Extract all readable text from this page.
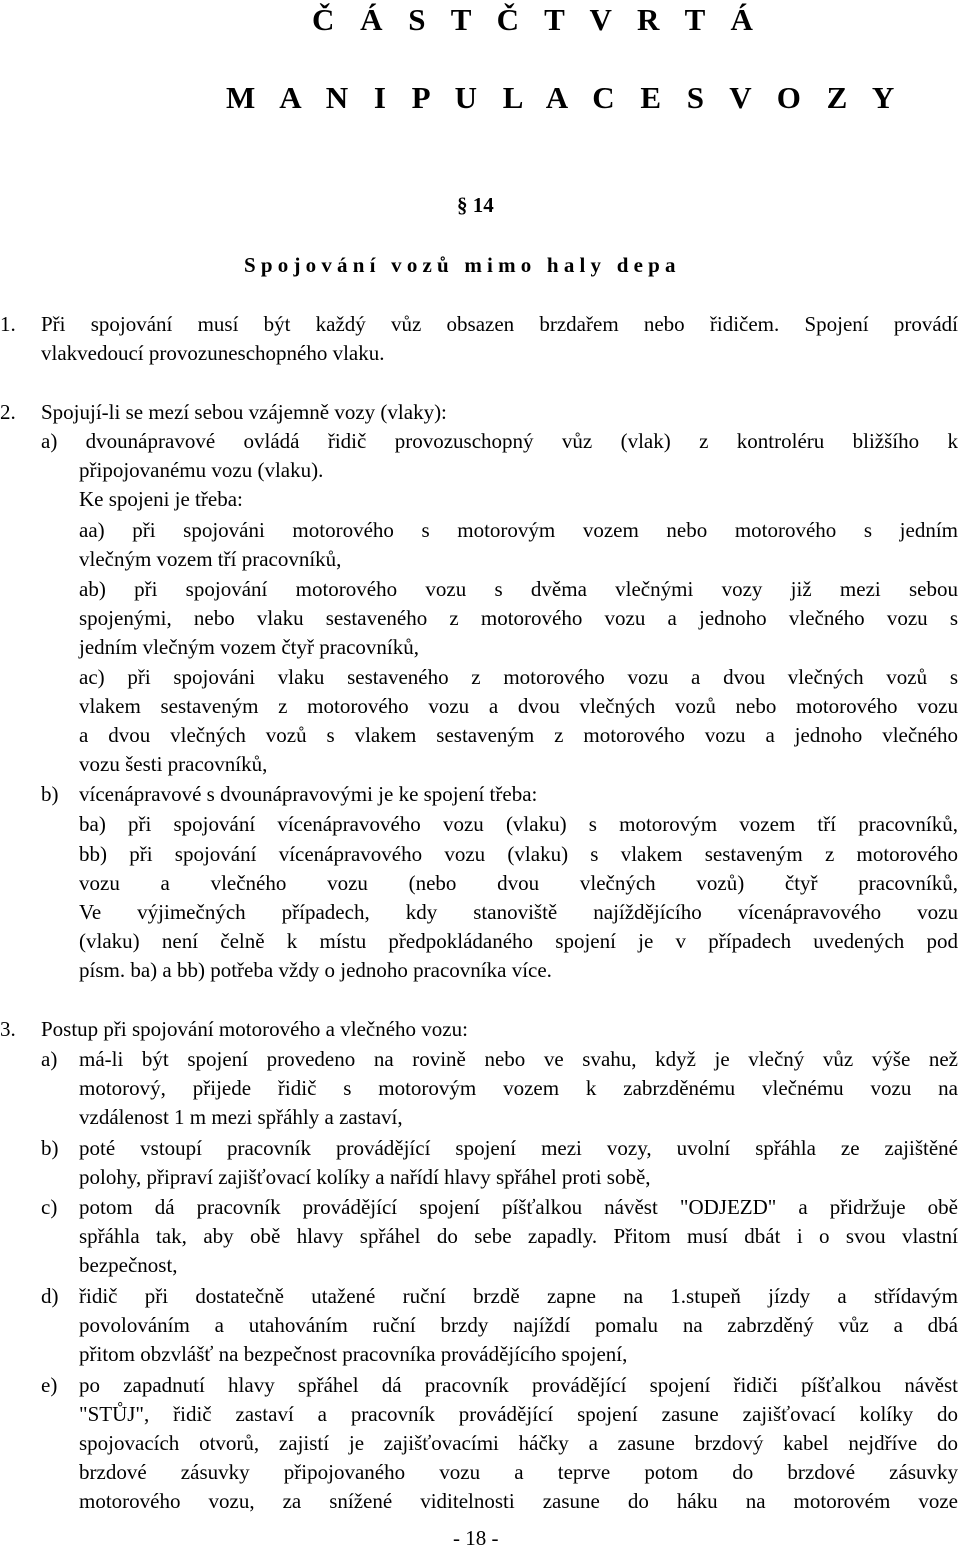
Č Á S T Č T V R T Á
M A N I P U L A C E S V O Z Y
§ 14
Spojování vozů mimo haly depa
1. Při spojování musí být každý vůz obsazen brzdařem nebo řidičem. Spojení provádí
vlakvedoucí provozuneschopného vlaku.
2. Spojují-li se mezí sebou vzájemně vozy (vlaky):
a) dvounápravové ovládá řidič provozuschopný vůz (vlak) z kontroléru bližšího k
připojovanému vozu (vlaku).
Ke spojeni je třeba:
aa) při spojováni motorového s motorovým vozem nebo motorového s jedním
vlečným vozem tří pracovníků,
ab) při spojování motorového vozu s dvěma vlečnými vozy již mezi sebou
spojenými, nebo vlaku sestaveného z motorového vozu a jednoho vlečného vozu s
jedním vlečným vozem čtyř pracovníků,
ac) při spojováni vlaku sestaveného z motorového vozu a dvou vlečných vozů s
vlakem sestaveným z motorového vozu a dvou vlečných vozů nebo motorového vozu
a dvou vlečných vozů s vlakem sestaveným z motorového vozu a jednoho vlečného
vozu šesti pracovníků,
b) vícenápravové s dvounápravovými je ke spojení třeba:
ba) při spojování vícenápravového vozu (vlaku) s motorovým vozem tří pracovníků,
bb) při spojování vícenápravového vozu (vlaku) s vlakem sestaveným z motorového
vozu a vlečného vozu (nebo dvou vlečných vozů) čtyř pracovníků,
Ve výjimečných případech, kdy stanoviště najíždějícího vícenápravového vozu
(vlaku) není čelně k místu předpokládaného spojení je v případech uvedených pod
písm. ba) a bb) potřeba vždy o jednoho pracovníka více.
3. Postup při spojování motorového a vlečného vozu:
a) má-li být spojení provedeno na rovině nebo ve svahu, když je vlečný vůz výše než
motorový, přijede řidič s motorovým vozem k zabrzděnému vlečnému vozu na
vzdálenost 1 m mezi spřáhly a zastaví,
b) poté vstoupí pracovník provádějící spojení mezi vozy, uvolní spřáhla ze zajištěné
polohy, připraví zajišťovací kolíky a nařídí hlavy spřáhel proti sobě,
c) potom dá pracovník provádějící spojení píšťalkou návěst "ODJEZD" a přidržuje obě
spřáhla tak, aby obě hlavy spřáhel do sebe zapadly. Přitom musí dbát i o svou vlastní
bezpečnost,
d) řidič při dostatečně utažené ruční brzdě zapne na 1.stupeň jízdy a střídavým
povolováním a utahováním ruční brzdy najíždí pomalu na zabrzděný vůz a dbá
přitom obzvlášť na bezpečnost pracovníka provádějícího spojení,
e) po zapadnutí hlavy spřáhel dá pracovník provádějící spojení řidiči píšťalkou návěst
"STŮJ", řidič zastaví a pracovník provádějící spojení zasune zajišťovací kolíky do
spojovacích otvorů, zajistí je zajišťovacími háčky a zasune brzdový kabel nejdříve do
brzdové zásuvky připojovaného vozu a teprve potom do brzdové zásuvky
motorového vozu, za snížené viditelnosti zasune do háku na motorovém voze
- 18 -
